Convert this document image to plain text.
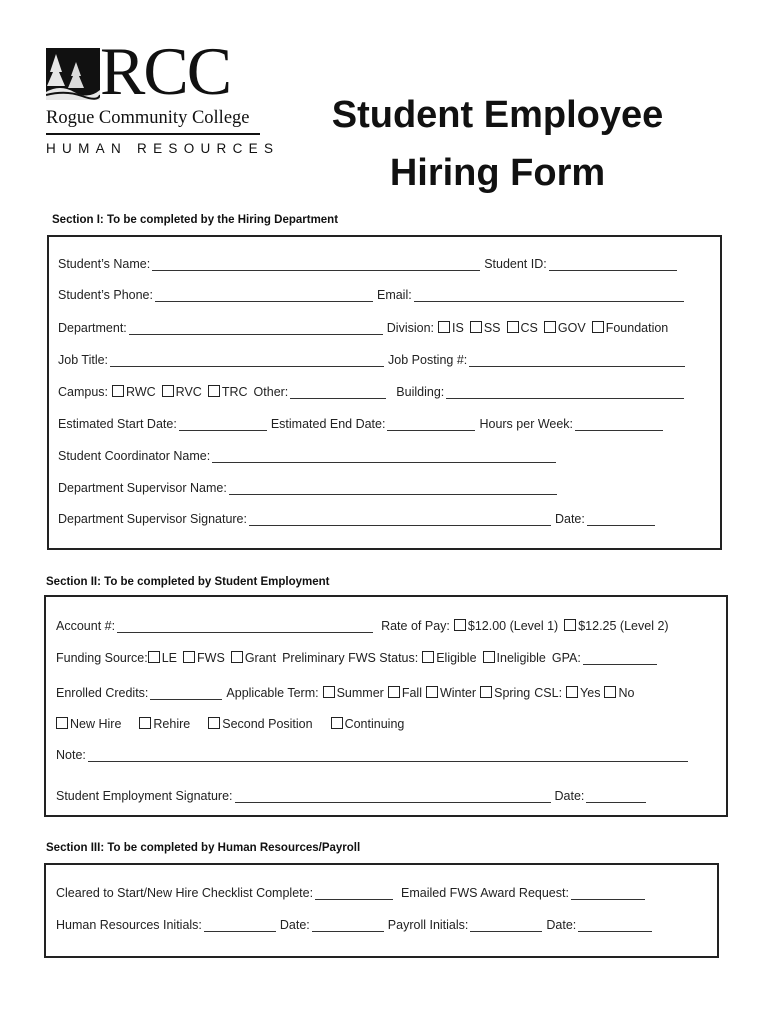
RCC
Rogue Community College
HUMAN RESOURCES
Student Employee
Hiring Form
Section I: To be completed by the Hiring Department
Student’s Name:	Student ID:
Student’s Phone:	Email:
Department:	Division: IS SS CS GOV Foundation
Job Title:	Job Posting #:
Campus: RWC RVC TRC Other:	Building:
Estimated Start Date:	Estimated End Date:	Hours per Week:
Student Coordinator Name:
Department Supervisor Name:
Department Supervisor Signature:	Date:
Section II: To be completed by Student Employment
Account #:	Rate of Pay: $12.00 (Level 1) $12.25 (Level 2)
Funding Source: LE FWS Grant Preliminary FWS Status: Eligible Ineligible GPA:
Enrolled Credits:	Applicable Term: Summer Fall Winter Spring CSL: Yes No
New Hire	Rehire	Second Position	Continuing
Note:
Student Employment Signature:	Date:
Section III: To be completed by Human Resources/Payroll
Cleared to Start/New Hire Checklist Complete:	Emailed FWS Award Request:
Human Resources Initials:	Date:	Payroll Initials:	Date:
